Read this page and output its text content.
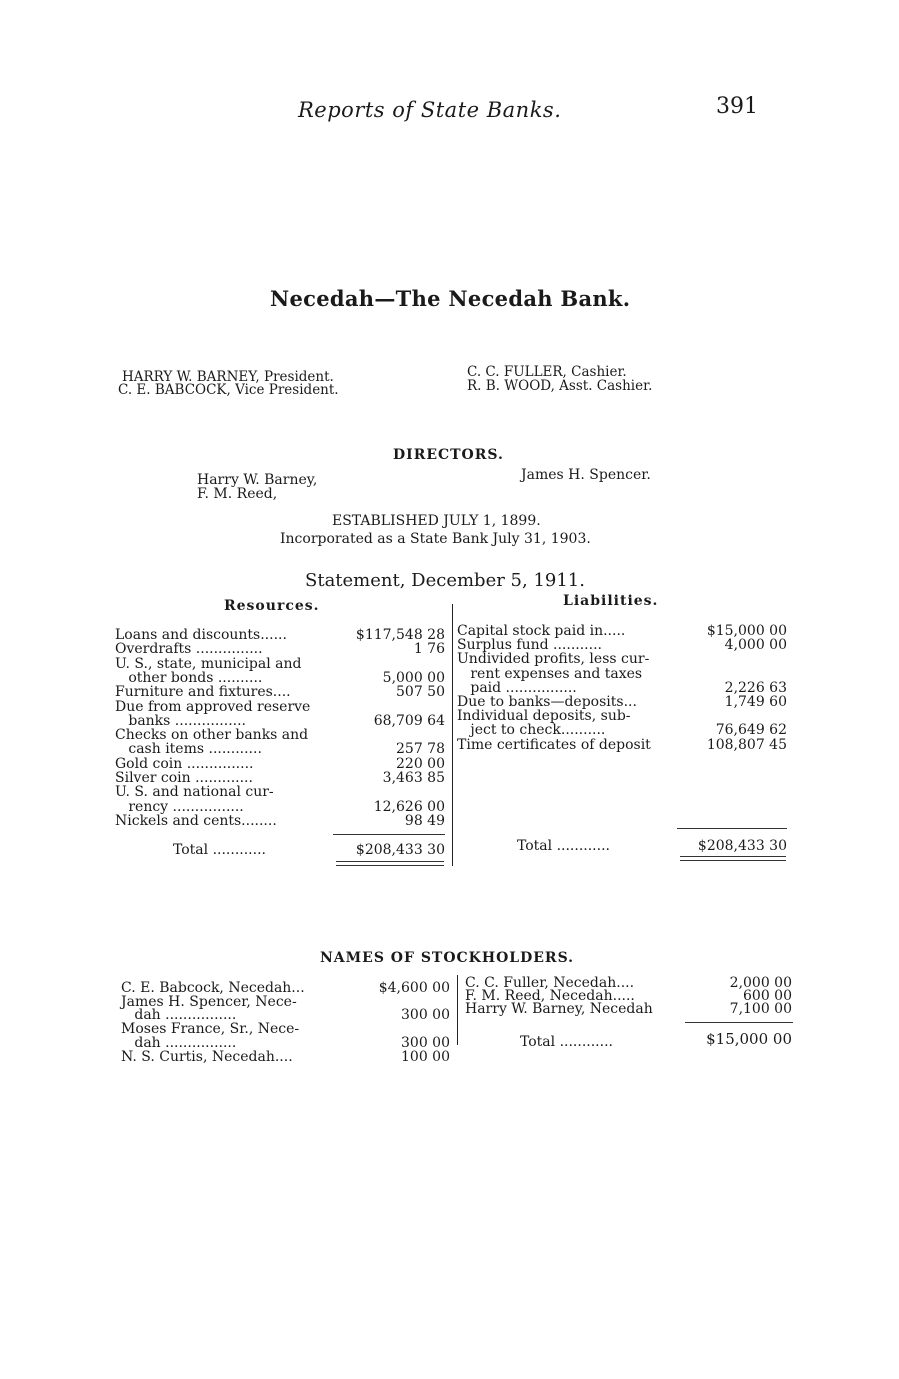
Reports of State Banks.	391
Necedah—The Necedah Bank.
HARRY W. BARNEY, President.
C. E. BABCOCK, Vice President.
C. C. FULLER, Cashier.
R. B. WOOD, Asst. Cashier.
DIRECTORS.
Harry W. Barney,
F. M. Reed,
James H. Spencer.
ESTABLISHED JULY 1, 1899.
Incorporated as a State Bank July 31, 1903.
Statement, December 5, 1911.
Resources.	Liabilities.
Loans and discounts......	$117,548 28
Overdrafts ...............	1 76
U. S., state, municipal and
other bonds ..........	5,000 00
Furniture and fixtures....	507 50
Due from approved reserve
banks ................	68,709 64
Checks on other banks and
cash items ............	257 78
Gold coin ...............	220 00
Silver coin .............	3,463 85
U. S. and national cur-
rency ................	12,626 00
Nickels and cents........	98 49
Capital stock paid in.....	$15,000 00
Surplus fund ...........	4,000 00
Undivided profits, less cur-
rent expenses and taxes
paid ................	2,226 63
Due to banks—deposits...	1,749 60
Individual deposits, sub-
ject to check..........	76,649 62
Time certificates of deposit	108,807 45
Total ............	$208,433 30	Total ............	$208,433 30
NAMES OF STOCKHOLDERS.
C. E. Babcock, Necedah...	$4,600 00
James H. Spencer, Nece-
dah ................	300 00
Moses France, Sr., Nece-
dah ................	300 00
N. S. Curtis, Necedah....	100 00
C. C. Fuller, Necedah....	2,000 00
F. M. Reed, Necedah.....	600 00
Harry W. Barney, Necedah	7,100 00
Total ............	$15,000 00
